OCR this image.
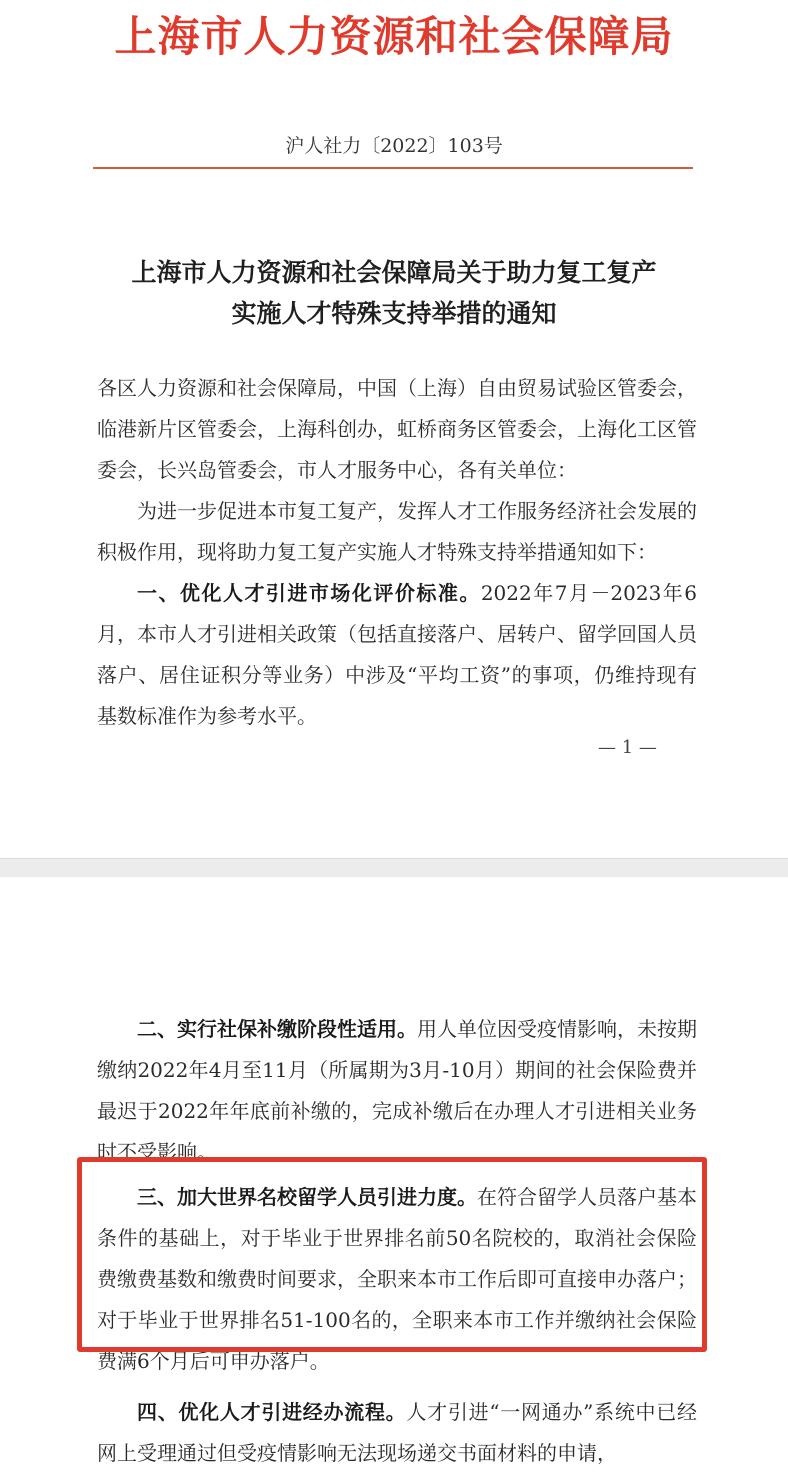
上海市人力资源和社会保障局
沪人社力〔2022〕103号
上海市人力资源和社会保障局关于助力复工复产
实施人才特殊支持举措的通知

各区人力资源和社会保障局，中国（上海）自由贸易试验区管委会，临港新片区管委会，上海科创办，虹桥商务区管委会，上海化工区管委会，长兴岛管委会，市人才服务中心，各有关单位：

为进一步促进本市复工复产，发挥人才工作服务经济社会发展的积极作用，现将助力复工复产实施人才特殊支持举措通知如下：

一、优化人才引进市场化评价标准。2022年7月－2023年6月，本市人才引进相关政策（包括直接落户、居转户、留学回国人员落户、居住证积分等业务）中涉及“平均工资”的事项，仍维持现有基数标准作为参考水平。

— 1 —

二、实行社保补缴阶段性适用。用人单位因受疫情影响，未按期缴纳2022年4月至11月（所属期为3月-10月）期间的社会保险费并最迟于2022年年底前补缴的，完成补缴后在办理人才引进相关业务时不受影响。

三、加大世界名校留学人员引进力度。在符合留学人员落户基本条件的基础上，对于毕业于世界排名前50名院校的，取消社会保险费缴费基数和缴费时间要求，全职来本市工作后即可直接申办落户；对于毕业于世界排名51-100名的，全职来本市工作并缴纳社会保险费满6个月后可申办落户。

四、优化人才引进经办流程。人才引进“一网通办”系统中已经网上受理通过但受疫情影响无法现场递交书面材料的申请，
